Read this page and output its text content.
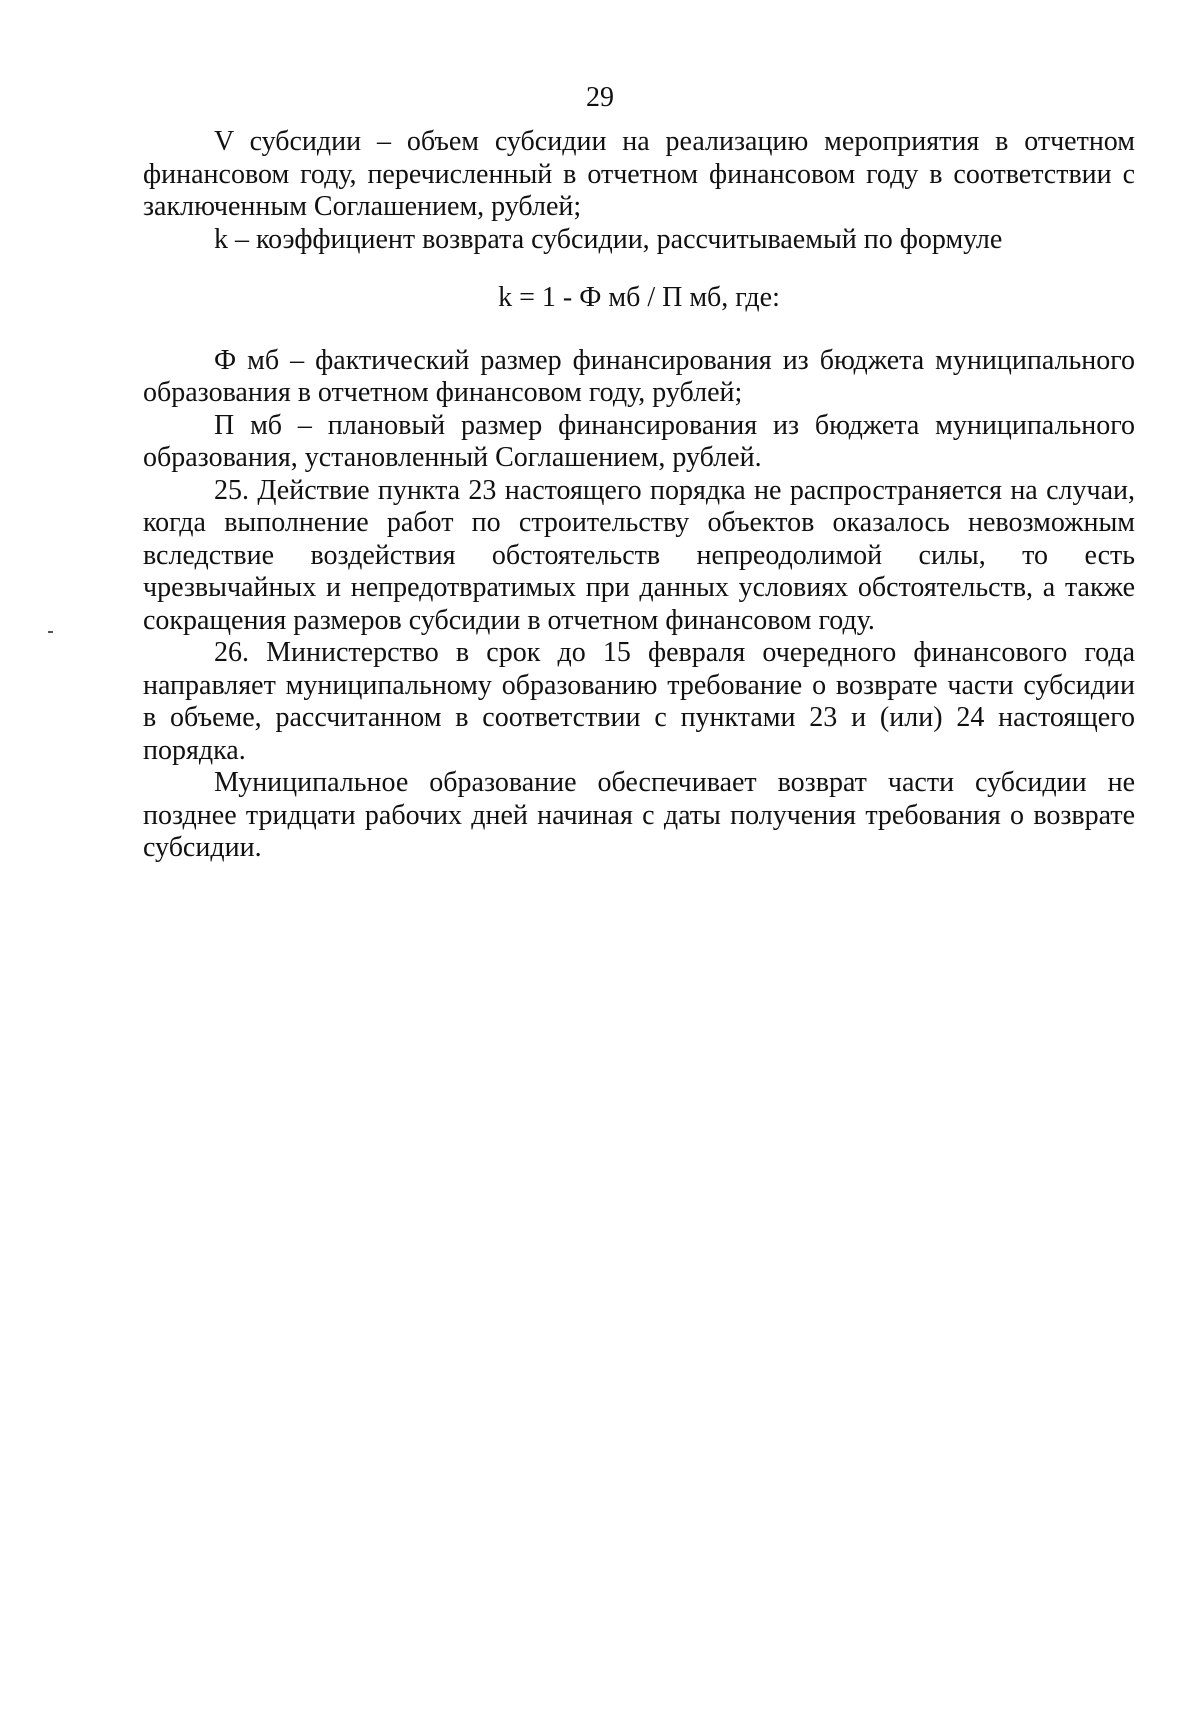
29

V субсидии – объем субсидии на реализацию мероприятия в отчетном финансовом году, перечисленный в отчетном финансовом году в соответствии с заключенным Соглашением, рублей;

k – коэффициент возврата субсидии, рассчитываемый по формуле

k = 1 - Ф мб / П мб, где:

Ф мб – фактический размер финансирования из бюджета муниципального образования в отчетном финансовом году, рублей;

П мб – плановый размер финансирования из бюджета муниципального образования, установленный Соглашением, рублей.

25. Действие пункта 23 настоящего порядка не распространяется на случаи, когда выполнение работ по строительству объектов оказалось невозможным вследствие воздействия обстоятельств непреодолимой силы, то есть чрезвычайных и непредотвратимых при данных условиях обстоятельств, а также сокращения размеров субсидии в отчетном финансовом году.

26. Министерство в срок до 15 февраля очередного финансового года направляет муниципальному образованию требование о возврате части субсидии в объеме, рассчитанном в соответствии с пунктами 23 и (или) 24 настоящего порядка.

Муниципальное образование обеспечивает возврат части субсидии не позднее тридцати рабочих дней начиная с даты получения требования о возврате субсидии.
